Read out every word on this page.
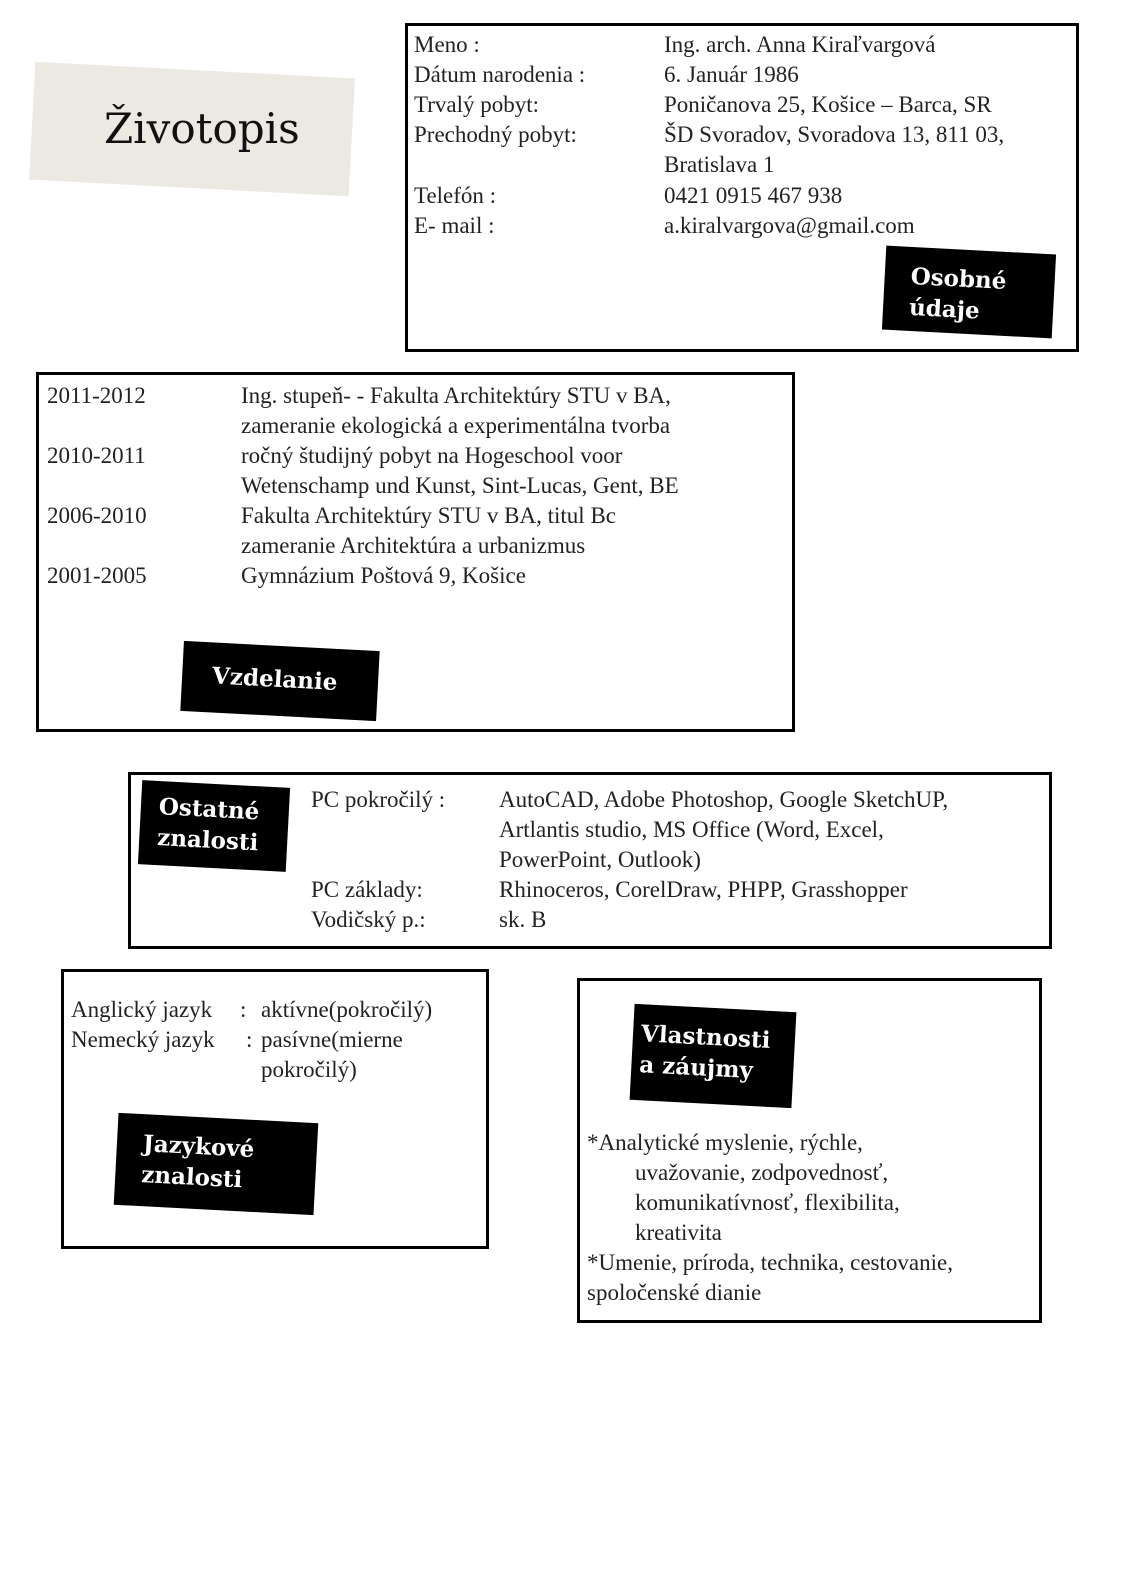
Životopis
Meno :	Ing. arch. Anna Kiraľvargová
Dátum narodenia :	6. Január 1986
Trvalý pobyt:	Poničanova 25, Košice – Barca, SR
Prechodný pobyt:	ŠD Svoradov, Svoradova 13, 811 03,
Bratislava 1
Telefón :	0421 0915 467 938
E- mail :	a.kiralvargova@gmail.com
Osobné
údaje
2011-2012	Ing. stupeň- - Fakulta Architektúry STU v BA,
zameranie ekologická a experimentálna tvorba
2010-2011	ročný študijný pobyt na Hogeschool voor
Wetenschamp und Kunst, Sint-Lucas, Gent, BE
2006-2010	Fakulta Architektúry STU v BA, titul Bc
zameranie Architektúra a urbanizmus
2001-2005	Gymnázium Poštová 9, Košice
Vzdelanie
PC pokročilý : AutoCAD, Adobe Photoshop, Google SketchUP,
Artlantis studio, MS Office (Word, Excel,
PowerPoint, Outlook)
PC základy:	Rhinoceros, CorelDraw, PHPP, Grasshopper
Vodičský p.:	sk. B
Ostatné
znalosti
Anglický jazyk : aktívne(pokročilý)
Nemecký jazyk : pasívne(mierne
pokročilý)
Jazykové
znalosti
*Analytické myslenie, rýchle,
uvažovanie, zodpovednosť,
komunikatívnosť, flexibilita,
kreativita
*Umenie, príroda, technika, cestovanie,
spoločenské dianie
Vlastnosti
a záujmy
